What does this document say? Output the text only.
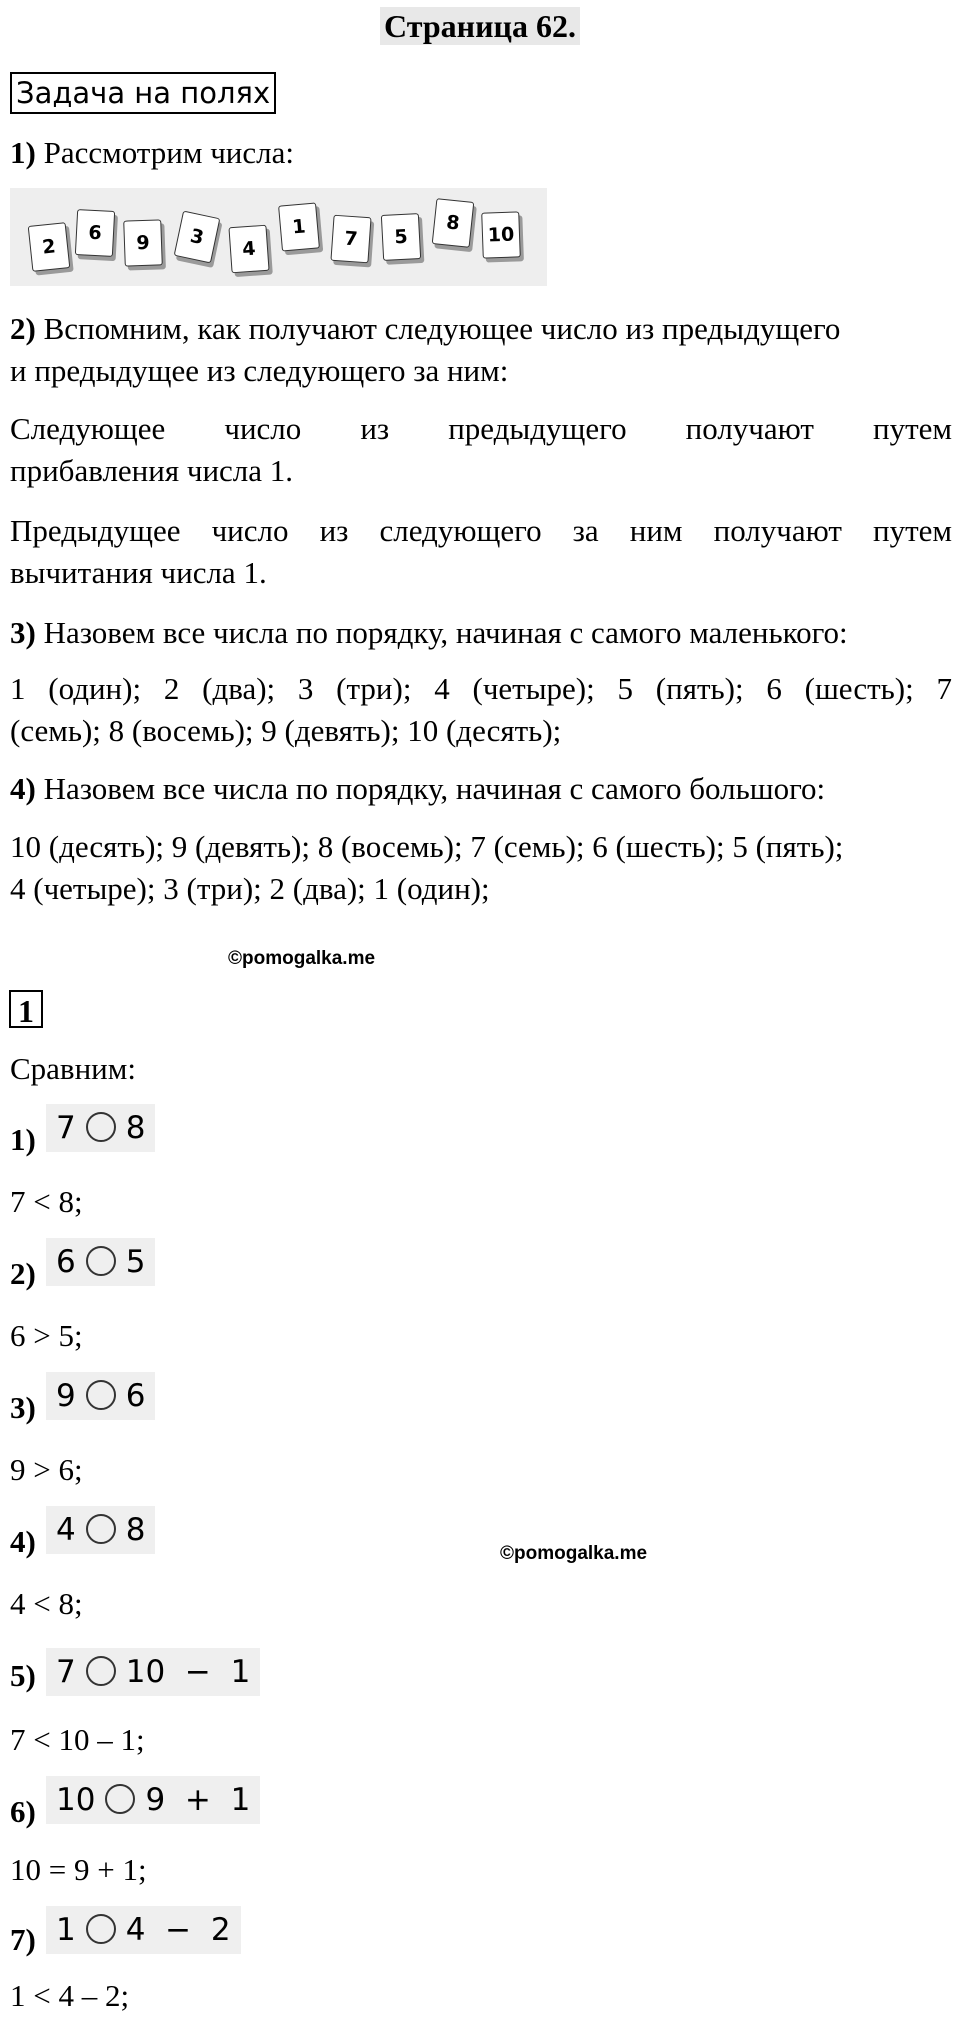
Страница 62.
Задача на полях

1) Рассмотрим числа:

2
6	9	3	4
1
7	5
8
10

2) Вспомним, как получают следующее число из предыдущего
и предыдущее из следующего за ним:

Следующее число из предыдущего получают путем
прибавления числа 1.

Предыдущее число из следующего за ним получают путем
вычитания числа 1.

3) Назовем все числа по порядку, начиная с самого маленького:

1 (один); 2 (два); 3 (три); 4 (четыре); 5 (пять); 6 (шесть); 7
(семь); 8 (восемь); 9 (девять); 10 (десять);

4) Назовем все числа по порядку, начиная с самого большого:

10 (десять); 9 (девять); 8 (восемь); 7 (семь); 6 (шесть); 5 (пять);
4 (четыре); 3 (три); 2 (два); 1 (один);

©pomogalka.me
1
Сравним:
1) 7 8
7 < 8;
2) 6 5
6 > 5;
3) 9 6
9 > 6;
4) 4 8
©pomogalka.me
4 < 8;
5) 7 10  −  1
7 < 10 – 1;
6) 10 9  +  1
10 = 9 + 1;
7) 1 4  −  2
1 < 4 – 2;
